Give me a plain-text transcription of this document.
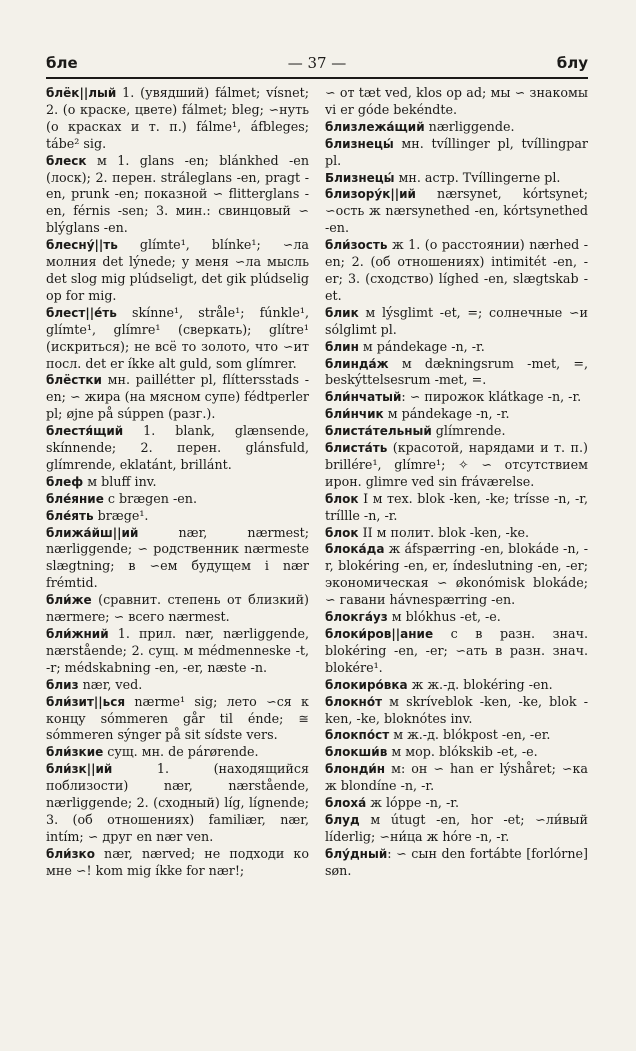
бле	— 37 —	блу

блёк||лый 1. (увядший) fálmet; vísnet; 2. (о краске, цвете) fálmet; bleg; ∽нуть (о красках и т. п.) fálme¹, áfbleges; tábe² sig.

блеск м 1. glans -en; blánkhed -en (лоск); 2. перен. stráleglans -en, pragt -en, prunk -en; показной ∽ flitterglans -en, férnis -sen; 3. мин.: свинцовый ∽ blýglans -en.

блесну́||ть glímte¹, blínke¹; ∽ла молния det lýnede; у меня ∽ла мысль det slog mig plúdseligt, det gik plúdselig op for mig.

блест||е́ть skínne¹, stråle¹; fúnkle¹, glímte¹, glímre¹ (сверкать); glítre¹ (искриться); не всё то золото, что ∽ит посл. det er íkke alt guld, som glímrer.

блёстки мн. paillétter pl, flíttersstads -en; ∽ жира (на мясном супе) fédtperler pl; øjne på súppen (разг.).

блестя́щий 1. blank, glænsende, skínnende; 2. перен. glánsfuld, glímrende, eklatánt, brillánt.

блеф м bluff inv.

бле́яние с brægen -en.

бле́ять bræge¹.

ближа́йш||ий nær, nærmest; nærliggende; ∽ родственник nærmeste slægtning; в ∽ем будущем i nær frémtid.

бли́же (сравнит. степень от близкий) nærmere; ∽ всего nærmest.

бли́жний 1. прил. nær, nærliggende, nærstående; 2. сущ. м médmenneske -t, -r; médskabning -en, -er, næste -n.

близ nær, ved.

бли́зит||ься nærme¹ sig; лето ∽ся к концу sómmeren går til énde; ≅ sómmeren sýnger på sit sídste vers.

бли́зкие сущ. мн. de párørende.

бли́зк||ий 1. (находящийся поблизости) nær, nærstående, nærliggende; 2. (сходный) líg, lígnende; 3. (об отношениях) familiær, nær, intím; ∽ друг en nær ven.

бли́зко nær, nærved; не подходи ко мне ∽! kom mig íkke for nær!;

∽ от tæt ved, klos op ad; мы ∽ знакомы vi er góde bekéndte.

близлежа́щий nærliggende.

близнецы́ мн. tvíllinger pl, tvíllingpar pl.

Близнецы́ мн. астр. Tvíllingerne pl.

близору́к||ий nærsynet, kórtsynet; ∽ость ж nærsynethed -en, kórtsynethed -en.

бли́зость ж 1. (о расстоянии) nærhed -en; 2. (об отношениях) intimitét -en, -er; 3. (сходство) líghed -en, slægtskab -et.

блик м lýsglimt -et, =; солнечные ∽и sólglimt pl.

блин м pándekage -n, -r.

блинда́ж м dækningsrum -met, =, beskýttelsesrum -met, =.

бли́нчатый: ∽ пирожок klátkage -n, -r.

бли́нчик м pándekage -n, -r.

блиста́тельный glímrende.

блиста́ть (красотой, нарядами и т. п.) brillére¹, glímre¹; ✧ ∽ отсутствием ирон. glimre ved sin fráværelse.

блок I м тех. blok -ken, -ke; trísse -n, -r, tríllle -n, -r.

блок II м полит. blok -ken, -ke.

блока́да ж áfspærring -en, blokáde -n, -r, blokéring -en, er, índeslutning -en, -er; экономическая ∽ økonómisk blokáde; ∽ гавани hávnespærring -en.

блокга́уз м blókhus -et, -e.

блоки́ров||ание с в разн. знач. blokéring -en, -er; ∽ать в разн. знач. blokére¹.

блокиро́вка ж ж.-д. blokéring -en.

блокно́т м skrívеblok -ken, -ke, blok -ken, -ke, bloknótes inv.

блокпо́ст м ж.-д. blókpost -en, -er.

блокши́в м мор. blókskib -et, -e.

блонди́н м: он ∽ han er lýshåret; ∽ка ж blondíne -n, -r.

блоха́ ж lóppe -n, -r.

блуд м útugt -en, hor -et; ∽ли́вый líderlig; ∽ни́ца ж hóre -n, -r.

блу́дный: ∽ сын den fortábte [forlórne] søn.
